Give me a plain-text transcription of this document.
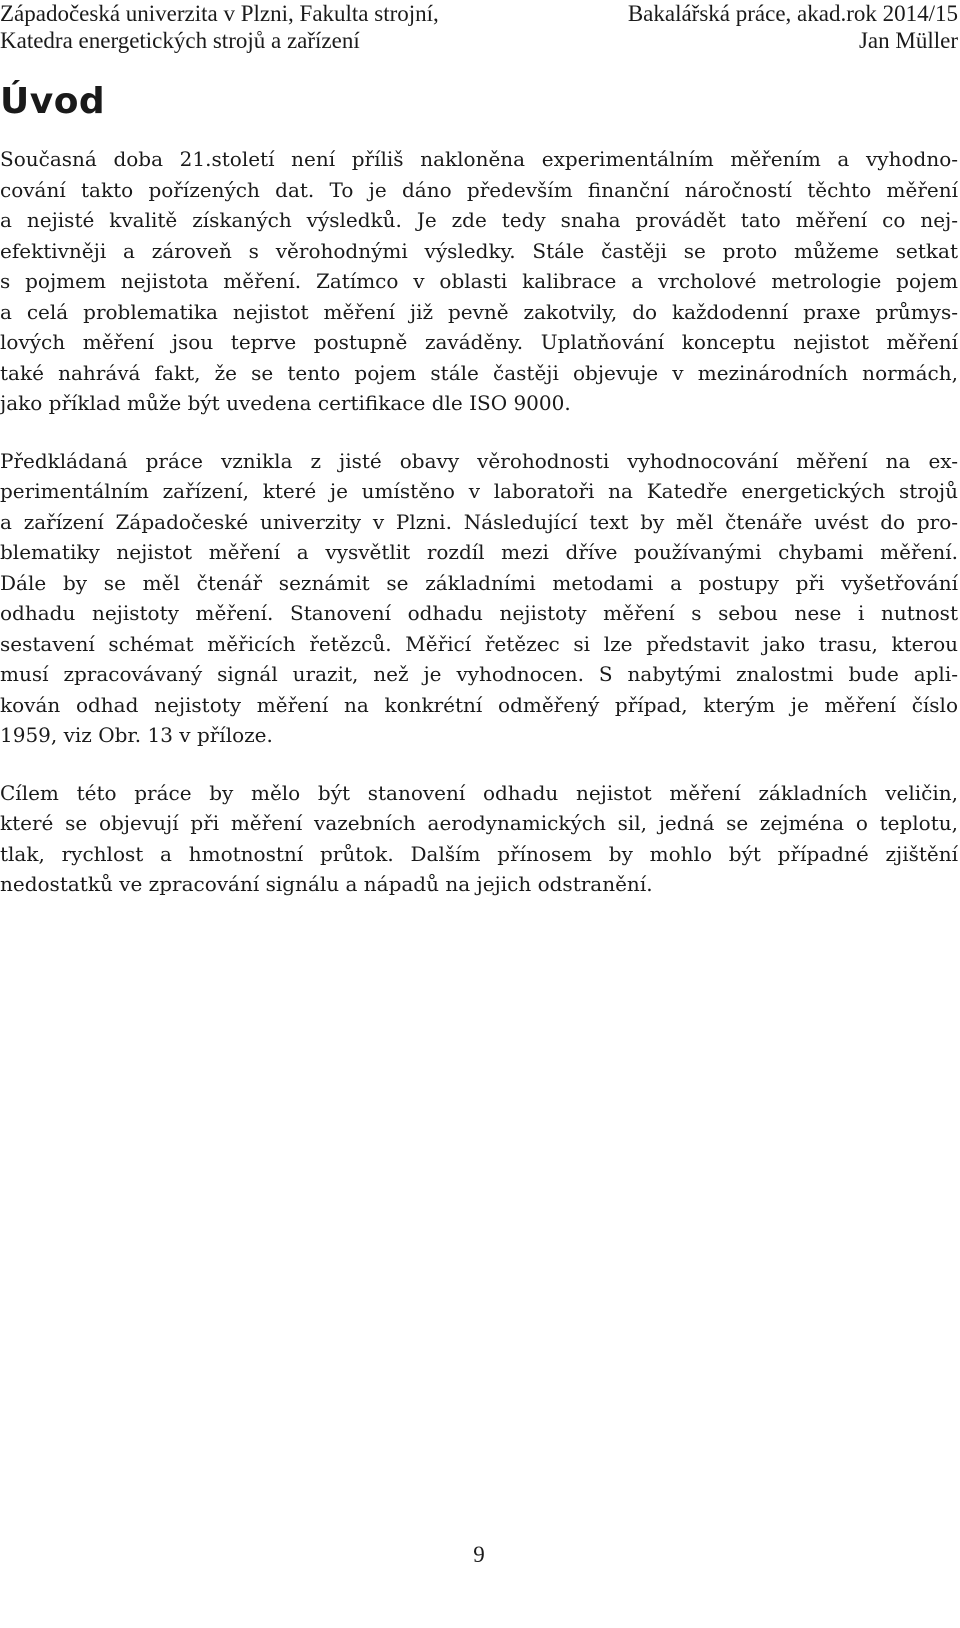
Západočeská univerzita v Plzni, Fakulta strojní,	Bakalářská práce, akad.rok 2014/15
Katedra energetických strojů a zařízení	Jan Müller
Úvod

Současná doba 21.století není příliš nakloněna experimentálním měřením a vyhodno-
cování takto pořízených dat. To je dáno především finanční náročností těchto měření
a nejisté kvalitě získaných výsledků. Je zde tedy snaha provádět tato měření co nej-
efektivněji a zároveň s věrohodnými výsledky. Stále častěji se proto můžeme setkat
s pojmem nejistota měření. Zatímco v oblasti kalibrace a vrcholové metrologie pojem
a celá problematika nejistot měření již pevně zakotvily, do každodenní praxe průmys-
lových měření jsou teprve postupně zaváděny. Uplatňování konceptu nejistot měření
také nahrává fakt, že se tento pojem stále častěji objevuje v mezinárodních normách,
jako příklad může být uvedena certifikace dle ISO 9000.

Předkládaná práce vznikla z jisté obavy věrohodnosti vyhodnocování měření na ex-
perimentálním zařízení, které je umístěno v laboratoři na Katedře energetických strojů
a zařízení Západočeské univerzity v Plzni. Následující text by měl čtenáře uvést do pro-
blematiky nejistot měření a vysvětlit rozdíl mezi dříve používanými chybami měření.
Dále by se měl čtenář seznámit se základními metodami a postupy při vyšetřování
odhadu nejistoty měření. Stanovení odhadu nejistoty měření s sebou nese i nutnost
sestavení schémat měřicích řetězců. Měřicí řetězec si lze představit jako trasu, kterou
musí zpracovávaný signál urazit, než je vyhodnocen. S nabytými znalostmi bude apli-
kován odhad nejistoty měření na konkrétní odměřený případ, kterým je měření číslo
1959, viz Obr. 13 v příloze.

Cílem této práce by mělo být stanovení odhadu nejistot měření základních veličin,
které se objevují při měření vazebních aerodynamických sil, jedná se zejména o teplotu,
tlak, rychlost a hmotnostní průtok. Dalším přínosem by mohlo být případné zjištění
nedostatků ve zpracování signálu a nápadů na jejich odstranění.

9
